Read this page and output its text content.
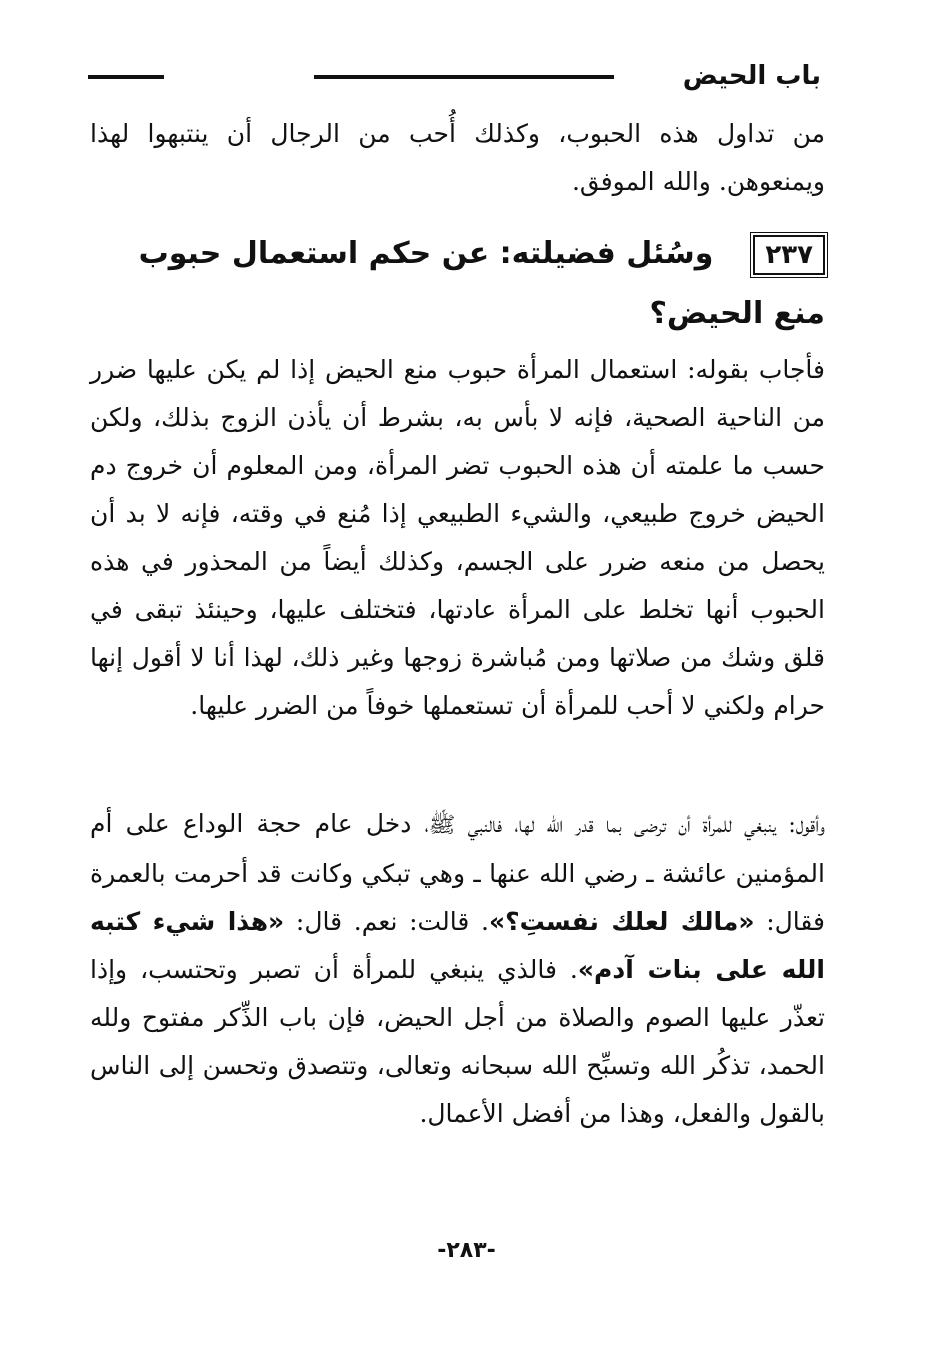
باب الحيض
من تداول هذه الحبوب، وكذلك أُحب من الرجال أن ينتبهوا لهذا ويمنعوهن. والله الموفق.
٢٣٧وسُئل فضيلته: عن حكم استعمال حبوب منع الحيض؟
فأجاب بقوله: استعمال المرأة حبوب منع الحيض إذا لم يكن عليها ضرر من الناحية الصحية، فإنه لا بأس به، بشرط أن يأذن الزوج بذلك، ولكن حسب ما علمته أن هذه الحبوب تضر المرأة، ومن المعلوم أن خروج دم الحيض خروج طبيعي، والشيء الطبيعي إذا مُنع في وقته، فإنه لا بد أن يحصل من منعه ضرر على الجسم، وكذلك أيضاً من المحذور في هذه الحبوب أنها تخلط على المرأة عادتها، فتختلف عليها، وحينئذ تبقى في قلق وشك من صلاتها ومن مُباشرة زوجها وغير ذلك، لهذا أنا لا أقول إنها حرام ولكني لا أحب للمرأة أن تستعملها خوفاً من الضرر عليها.
وأقول: ينبغي للمرأة أن ترضى بما قدر الله لها، فالنبي ﷺ، دخل عام حجة الوداع على أم المؤمنين عائشة ـ رضي الله عنها ـ وهي تبكي وكانت قد أحرمت بالعمرة فقال: «مالك لعلك نفستِ؟». قالت: نعم. قال: «هذا شيء كتبه الله على بنات آدم». فالذي ينبغي للمرأة أن تصبر وتحتسب، وإذا تعذّر عليها الصوم والصلاة من أجل الحيض، فإن باب الذِّكر مفتوح ولله الحمد، تذكُر الله وتسبِّح الله سبحانه وتعالى، وتتصدق وتحسن إلى الناس بالقول والفعل، وهذا من أفضل الأعمال.
-٢٨٣-
